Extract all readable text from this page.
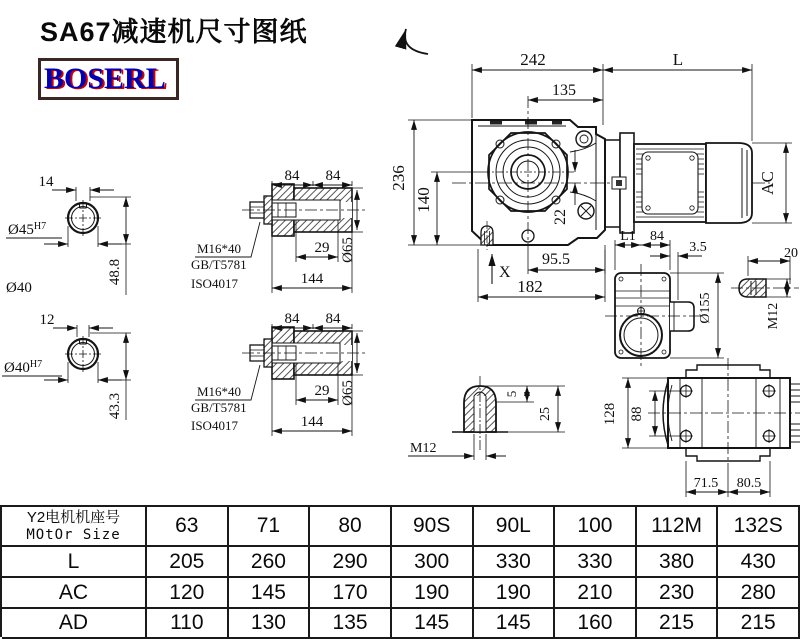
SA67减速机尺寸图纸
BOSERL
14
$Ø45^{H7}$
48.8
Ø40
12
$Ø40^{H7}$
43.3
84 84
29
144
Ø65
M16*40
GB/T5781
ISO4017
84 84
29
144
Ø65
M16*40
GB/T5781
ISO4017
242	L
135
236
140
22
AC
95.5
X
182
L1 84
3.5
Ø155
20
M12
5
25
M12
128 88
71.5 80.5
Y2电机机座号
MOtOr Size	63	71	80	90S	90L	100	112M	132S
L	205	260	290	300	330	330	380	430
AC	120	145	170	190	190	210	230	280
AD	110	130	135	145	145	160	215	215
